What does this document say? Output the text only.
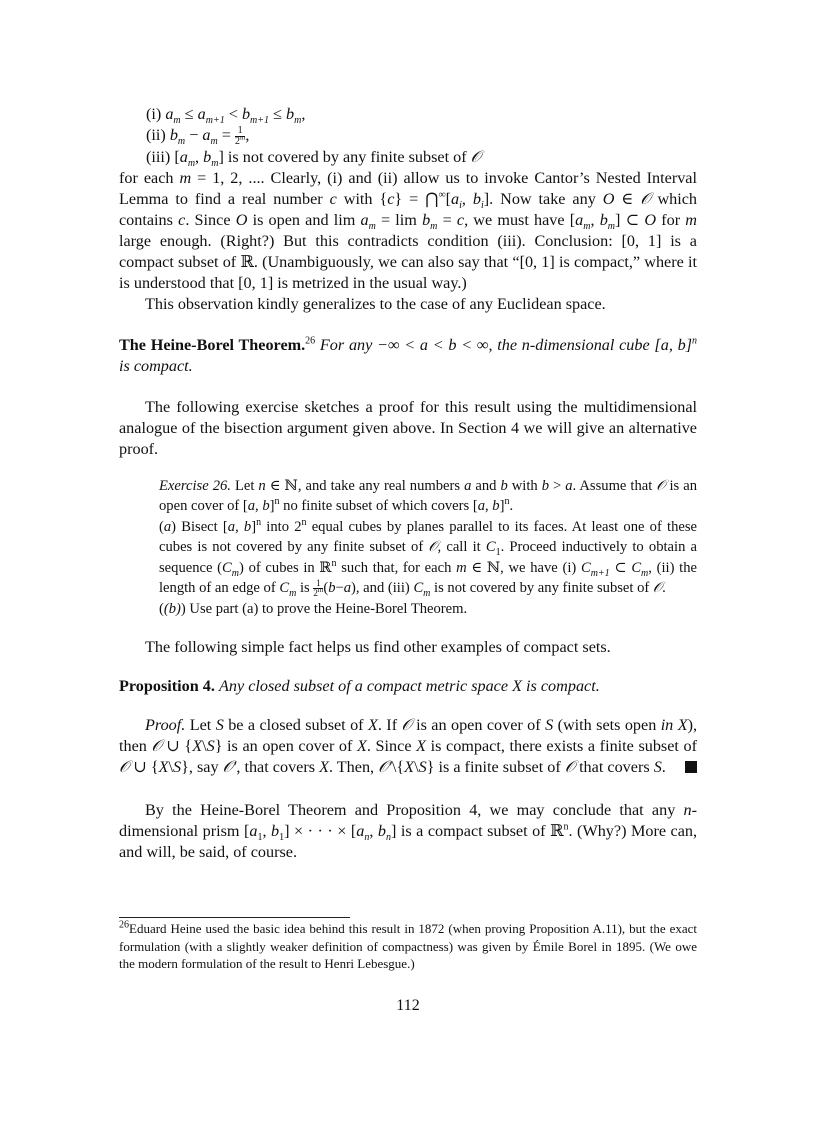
(i) $a_m \le a_{m+1} < b_{m+1} \le b_m$,
(ii) $b_m - a_m = \frac{1}{2^m}$ ,
(iii) [$a_m$, $b_m$] is not covered by any finite subset of 𝒪

for each m = 1, 2, .... Clearly, (i) and (ii) allow us to invoke Cantor’s Nested Interval Lemma to find a real number c with $\{c\} = ⋂^\infty[a_i$, $b_i$]. Now take any O ∈ 𝒪 which contains c. Since O is open and $\lim a_m = \lim b_m = c$, we must have [$a_m$, $b_m$] ⊂ O for m large enough. (Right?) But this contradicts condition (iii). Conclusion: [0, 1] is a compact subset of ℝ. (Unambiguously, we can also say that “[0, 1] is compact,” where it is understood that [0, 1] is metrized in the usual way.)

This observation kindly generalizes to the case of any Euclidean space.

The Heine-Borel Theorem.$^{26}$ For any −∞ < a < b < ∞, the n-dimensional cube [a, b]$^n$ is compact.

The following exercise sketches a proof for this result using the multidimensional analogue of the bisection argument given above. In Section 4 we will give an alternative proof.

Exercise 26. Let n ∈ ℕ, and take any real numbers a and b with b > a. Assume that 𝒪 is an open cover of [a, b]$^n$ no finite subset of which covers [a, b]$^n$.
(a) Bisect [a, b]$^n$ into 2$^n$ equal cubes by planes parallel to its faces. At least one of these cubes is not covered by any finite subset of 𝒪, call it $C_1$. Proceed inductively to obtain a sequence $(C_m)$ of cubes in ℝ$^n$ such that, for each m ∈ ℕ, we have (i) $C_{m+1}$ ⊂ $C_m$, (ii) the length of an edge of $C_m$ is $\frac{1}{2^m} (b-a)$, and (iii) $C_m$ is not covered by any finite subset of 𝒪.
((b)) Use part (a) to prove the Heine-Borel Theorem.

The following simple fact helps us find other examples of compact sets.

Proposition 4. Any closed subset of a compact metric space X is compact.

Proof. Let S be a closed subset of X. If 𝒪 is an open cover of S (with sets open in X), then 𝒪 ∪ {X\S} is an open cover of X. Since X is compact, there exists a finite subset of 𝒪 ∪ {X\S}, say 𝒪′, that covers X. Then, 𝒪′\{X\S} is a finite subset of 𝒪 that covers S.

By the Heine-Borel Theorem and Proposition 4, we may conclude that any n-dimensional prism [$a_1$, $b_1$] × · · · × [$a_n$, $b_n$] is a compact subset of ℝ$^n$. (Why?) More can, and will, be said, of course.

$^{26}$Eduard Heine used the basic idea behind this result in 1872 (when proving Proposition A.11), but the exact formulation (with a slightly weaker definition of compactness) was given by Émile Borel in 1895. (We owe the modern formulation of the result to Henri Lebesgue.)
112
